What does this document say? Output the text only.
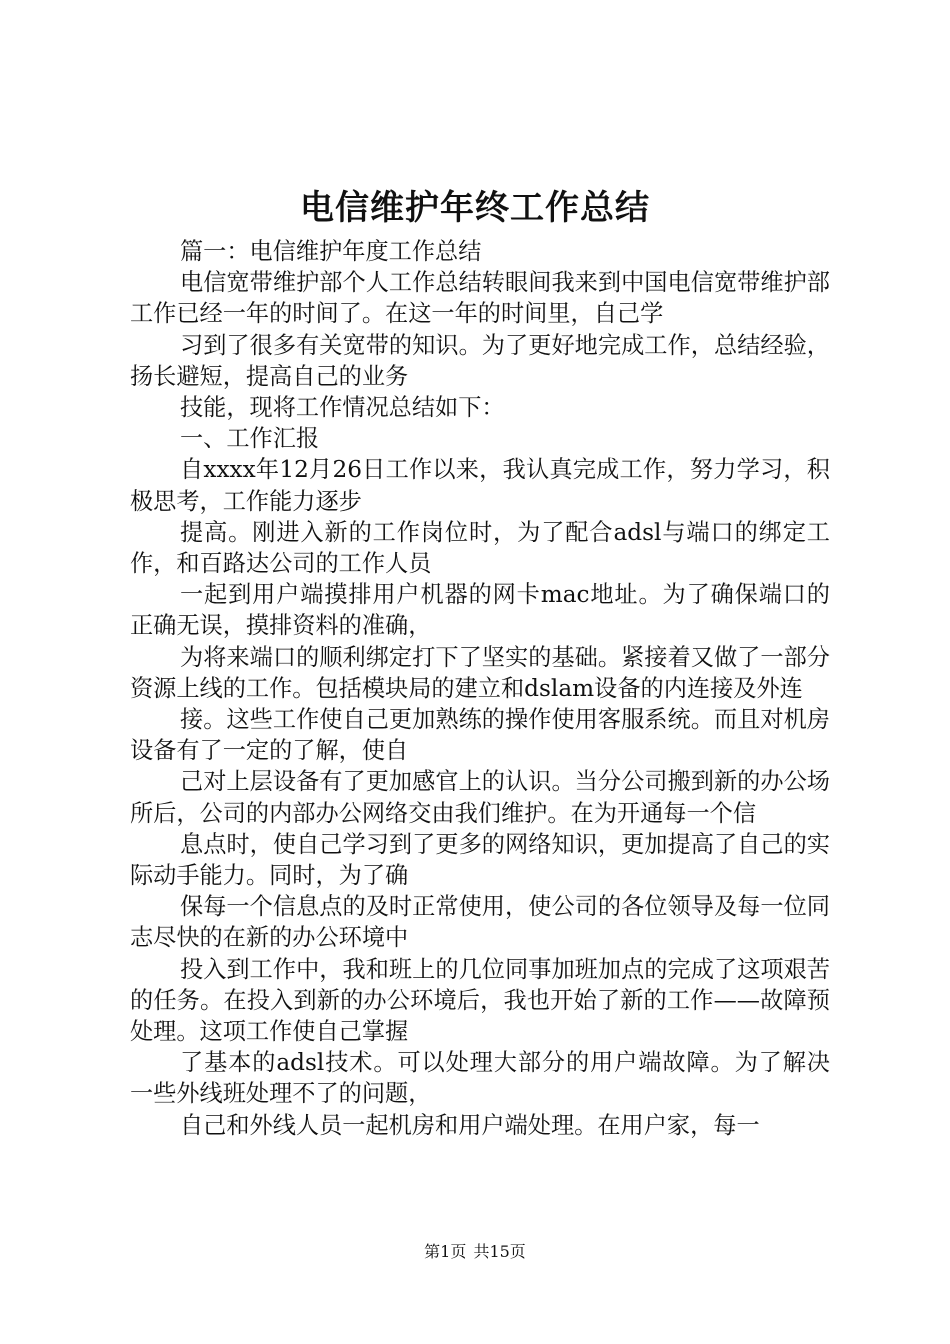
电信维护年终工作总结

篇一：电信维护年度工作总结

电信宽带维护部个人工作总结转眼间我来到中国电信宽带维护部工作已经一年的时间了。在这一年的时间里，自己学

习到了很多有关宽带的知识。为了更好地完成工作，总结经验，扬长避短，提高自己的业务

技能，现将工作情况总结如下：

一、工作汇报

自xxxx年12月26日工作以来，我认真完成工作，努力学习，积极思考，工作能力逐步

提高。刚进入新的工作岗位时，为了配合adsl与端口的绑定工作，和百路达公司的工作人员

一起到用户端摸排用户机器的网卡mac地址。为了确保端口的正确无误，摸排资料的准确，

为将来端口的顺利绑定打下了坚实的基础。紧接着又做了一部分资源上线的工作。包括模块局的建立和dslam设备的内连接及外连

接。这些工作使自己更加熟练的操作使用客服系统。而且对机房设备有了一定的了解，使自

己对上层设备有了更加感官上的认识。当分公司搬到新的办公场所后，公司的内部办公网络交由我们维护。在为开通每一个信

息点时，使自己学习到了更多的网络知识，更加提高了自己的实际动手能力。同时，为了确

保每一个信息点的及时正常使用，使公司的各位领导及每一位同志尽快的在新的办公环境中

投入到工作中，我和班上的几位同事加班加点的完成了这项艰苦的任务。在投入到新的办公环境后，我也开始了新的工作——故障预处理。这项工作使自己掌握

了基本的adsl技术。可以处理大部分的用户端故障。为了解决一些外线班处理不了的问题，

自己和外线人员一起机房和用户端处理。在用户家，每一

第1页 共15页
